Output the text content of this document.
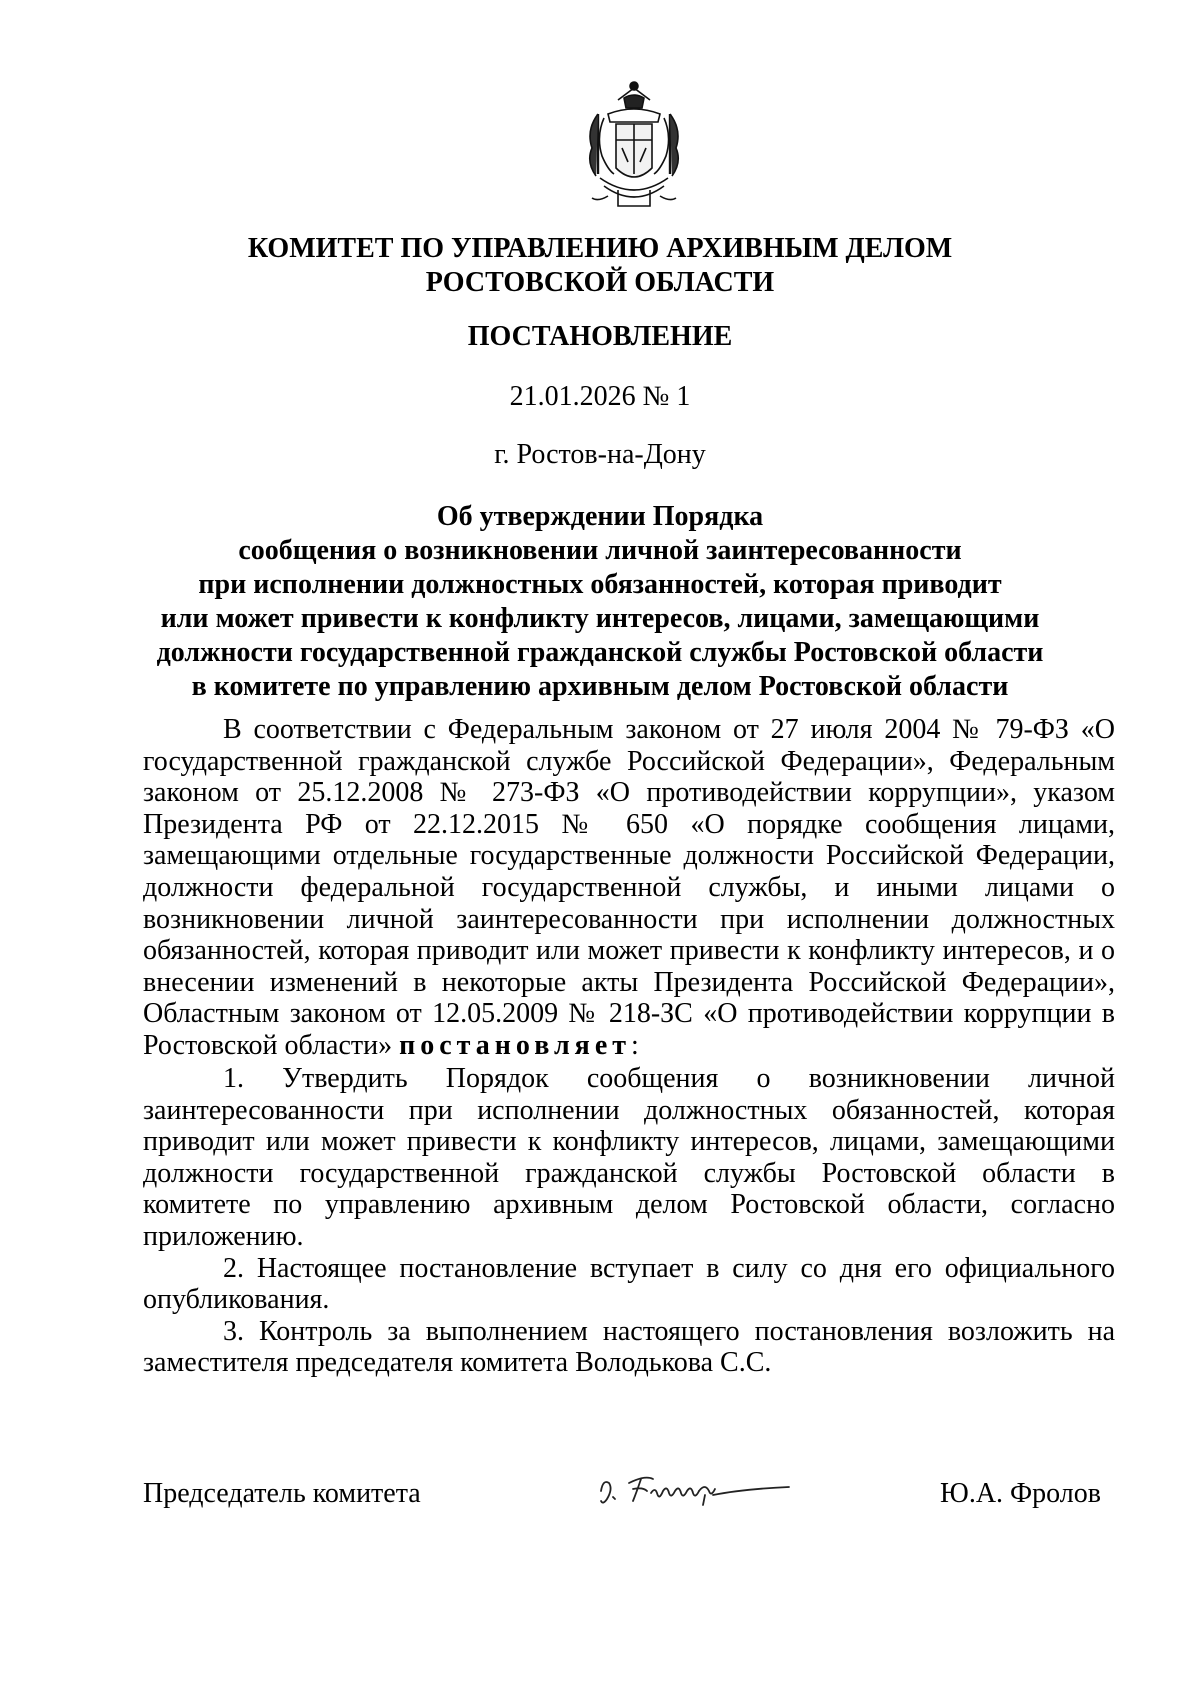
КОМИТЕТ ПО УПРАВЛЕНИЮ АРХИВНЫМ ДЕЛОМ
РОСТОВСКОЙ ОБЛАСТИ
ПОСТАНОВЛЕНИЕ
21.01.2026 № 1
г. Ростов-на-Дону
Об утверждении Порядка
сообщения о возникновении личной заинтересованности
при исполнении должностных обязанностей, которая приводит
или может привести к конфликту интересов, лицами, замещающими
должности государственной гражданской службы Ростовской области
в комитете по управлению архивным делом Ростовской области

В соответствии с Федеральным законом от 27 июля 2004 № 79-ФЗ «О государственной гражданской службе Российской Федерации», Федеральным законом от 25.12.2008 № 273-ФЗ «О противодействии коррупции», указом Президента РФ от 22.12.2015 № 650 «О порядке сообщения лицами, замещающими отдельные государственные должности Российской Федерации, должности федеральной государственной службы, и иными лицами о возникновении личной заинтересованности при исполнении должностных обязанностей, которая приводит или может привести к конфликту интересов, и о внесении изменений в некоторые акты Президента Российской Федерации», Областным законом от 12.05.2009 № 218-ЗС «О противодействии коррупции в Ростовской области» постановляет:

1. Утвердить Порядок сообщения о возникновении личной заинтересованности при исполнении должностных обязанностей, которая приводит или может привести к конфликту интересов, лицами, замещающими должности государственной гражданской службы Ростовской области в комитете по управлению архивным делом Ростовской области, согласно приложению.

2. Настоящее постановление вступает в силу со дня его официального опубликования.

3. Контроль за выполнением настоящего постановления возложить на заместителя председателя комитета Володькова С.С.

Председатель комитета	Ю.А. Фролов
